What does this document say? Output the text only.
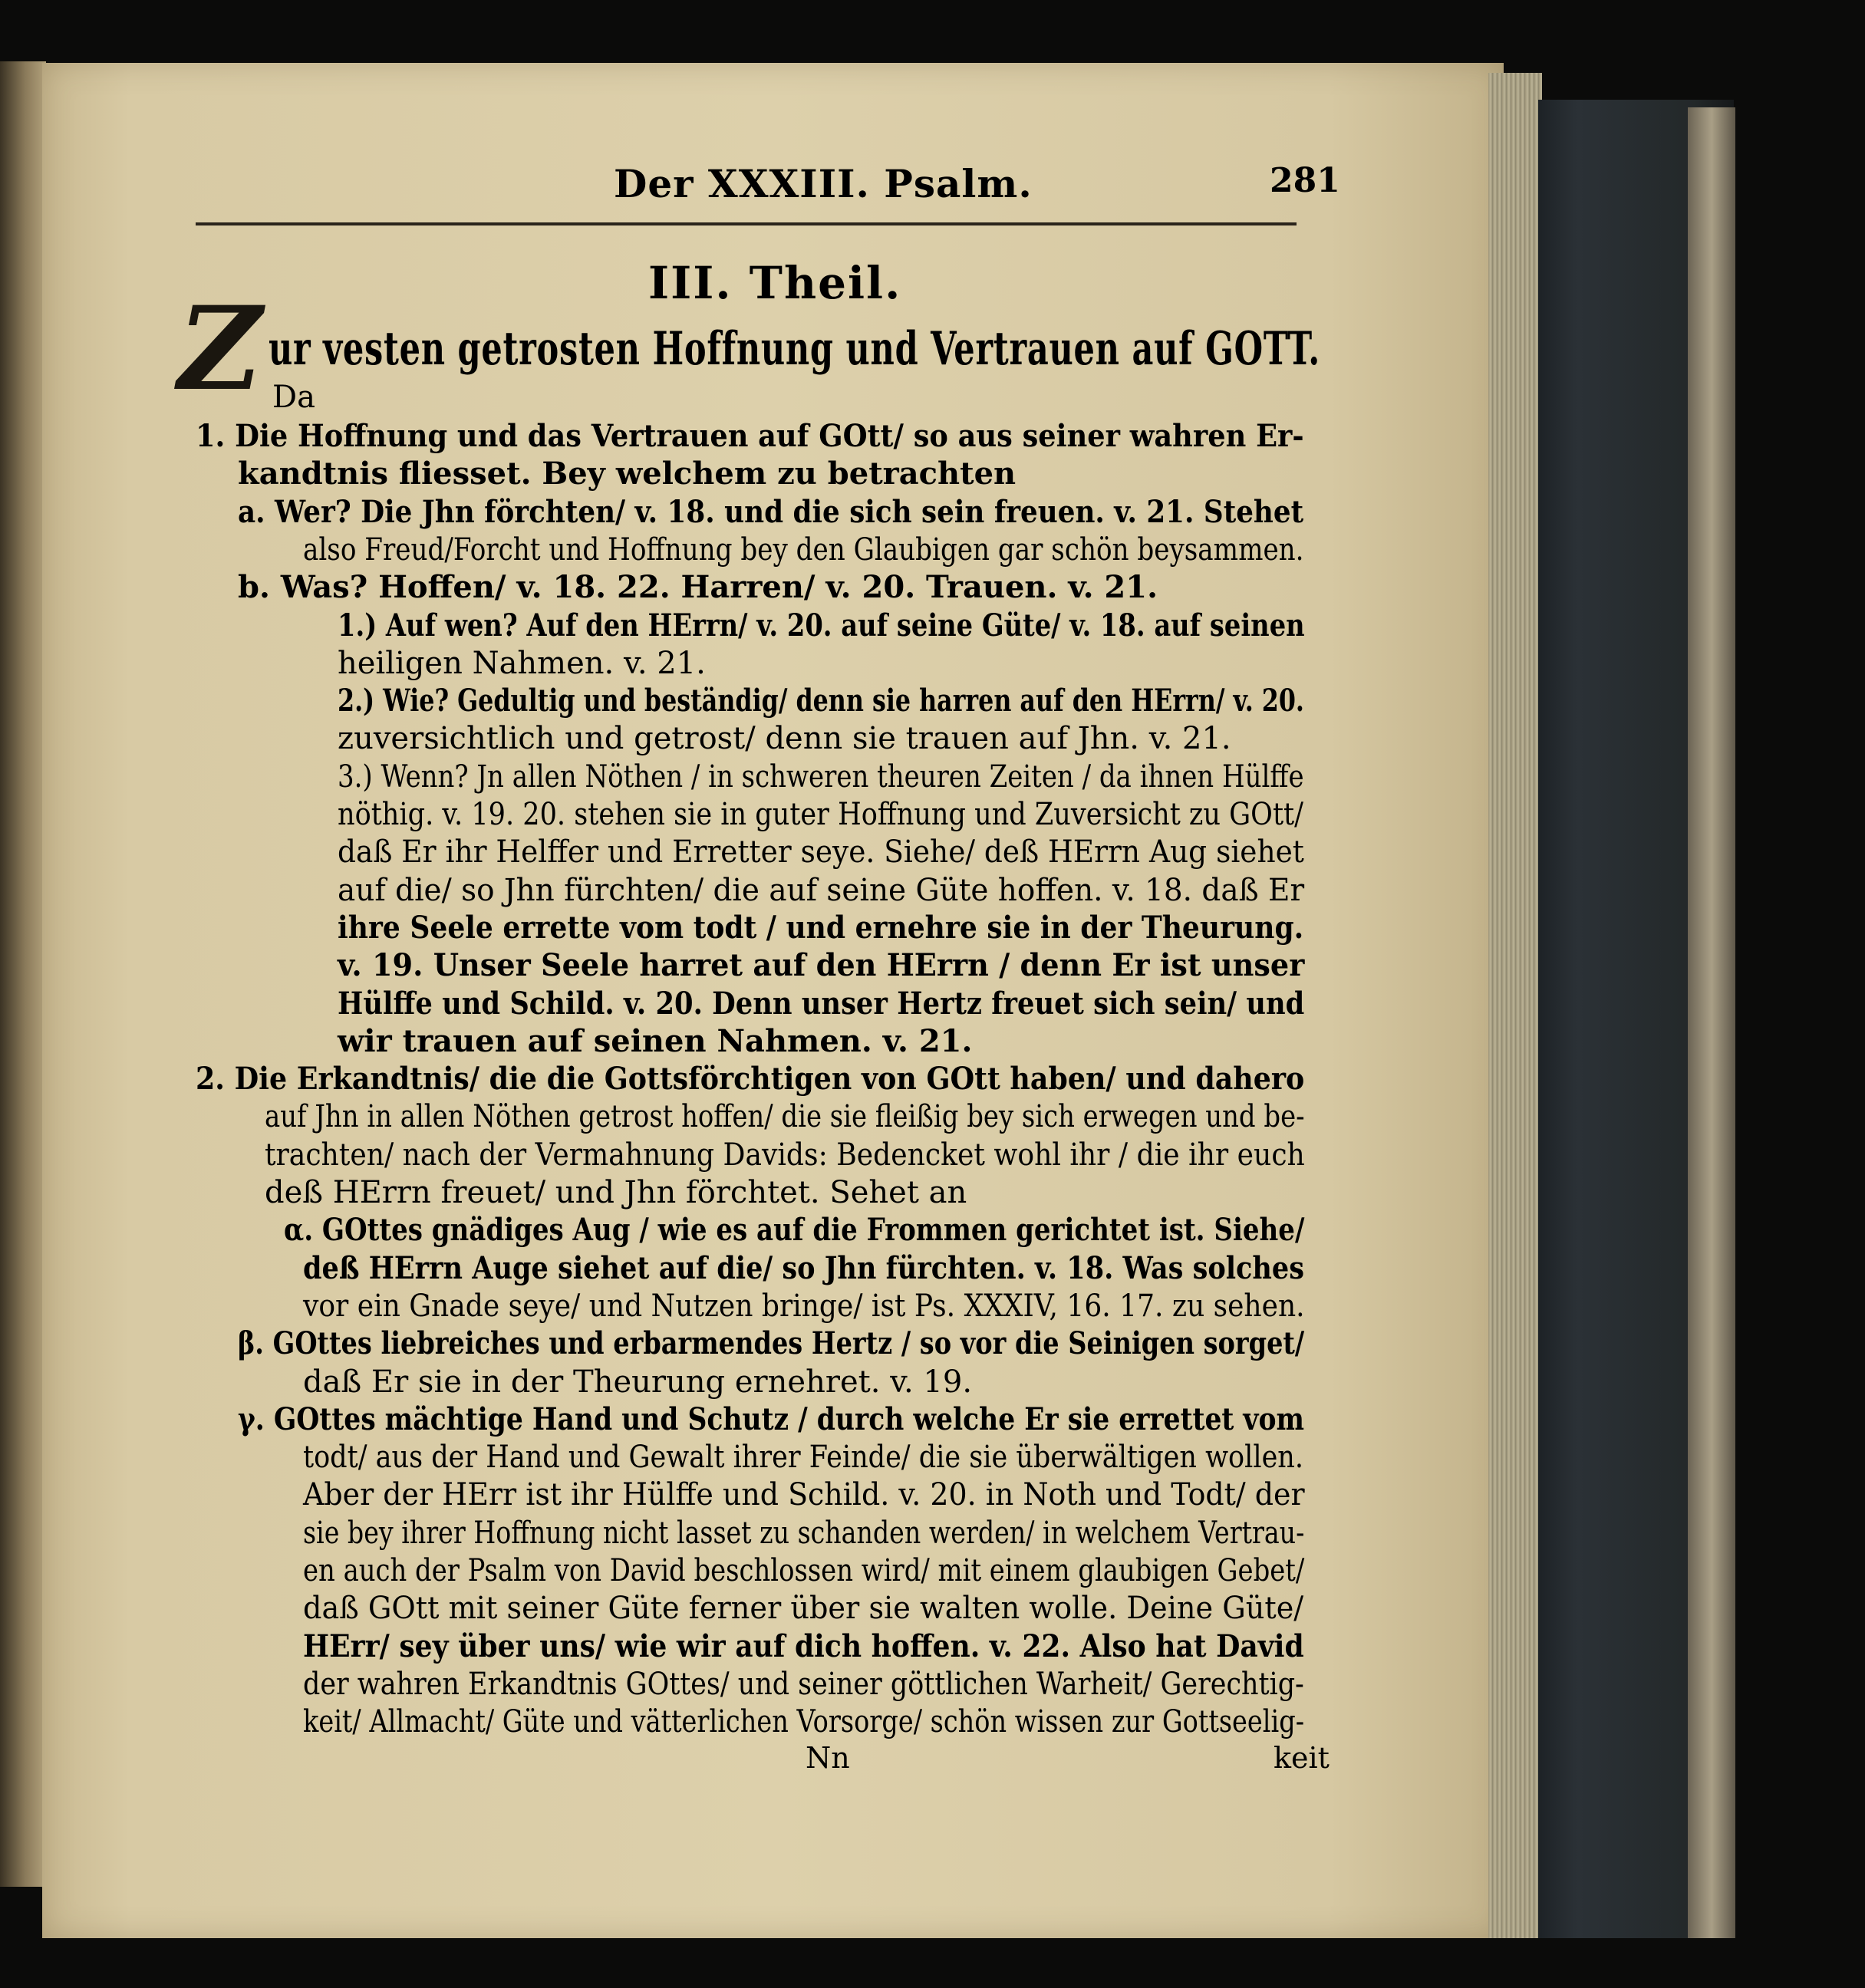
Der XXXIII. Psalm.	281
III. Theil.
Z ur vesten getrosten Hoffnung und Vertrauen auf GOTT.
Da
1. Die Hoffnung und das Vertrauen auf GOtt/ so aus seiner wahren Er-
kandtnis fliesset. Bey welchem zu betrachten
a. Wer? Die Jhn förchten/ v. 18. und die sich sein freuen. v. 21. Stehet
also Freud/Forcht und Hoffnung bey den Glaubigen gar schön beysammen.
b. Was? Hoffen/ v. 18. 22. Harren/ v. 20. Trauen. v. 21.
1.) Auf wen? Auf den HErrn/ v. 20. auf seine Güte/ v. 18. auf seinen
heiligen Nahmen. v. 21.
2.) Wie? Gedultig und beständig/ denn sie harren auf den HErrn/ v. 20.
zuversichtlich und getrost/ denn sie trauen auf Jhn. v. 21.
3.) Wenn? Jn allen Nöthen / in schweren theuren Zeiten / da ihnen Hülffe
nöthig. v. 19. 20. stehen sie in guter Hoffnung und Zuversicht zu GOtt/
daß Er ihr Helffer und Erretter seye. Siehe/ deß HErrn Aug siehet
auf die/ so Jhn fürchten/ die auf seine Güte hoffen. v. 18. daß Er
ihre Seele errette vom todt / und ernehre sie in der Theurung.
v. 19. Unser Seele harret auf den HErrn / denn Er ist unser
Hülffe und Schild. v. 20. Denn unser Hertz freuet sich sein/ und
wir trauen auf seinen Nahmen. v. 21.
2. Die Erkandtnis/ die die Gottsförchtigen von GOtt haben/ und dahero
auf Jhn in allen Nöthen getrost hoffen/ die sie fleißig bey sich erwegen und be-
trachten/ nach der Vermahnung Davids: Bedencket wohl ihr / die ihr euch
deß HErrn freuet/ und Jhn förchtet. Sehet an
α. GOttes gnädiges Aug / wie es auf die Frommen gerichtet ist. Siehe/
deß HErrn Auge siehet auf die/ so Jhn fürchten. v. 18. Was solches
vor ein Gnade seye/ und Nutzen bringe/ ist Ps. XXXIV, 16. 17. zu sehen.
β. GOttes liebreiches und erbarmendes Hertz / so vor die Seinigen sorget/
daß Er sie in der Theurung ernehret. v. 19.
γ. GOttes mächtige Hand und Schutz / durch welche Er sie errettet vom
todt/ aus der Hand und Gewalt ihrer Feinde/ die sie überwältigen wollen.
Aber der HErr ist ihr Hülffe und Schild. v. 20. in Noth und Todt/ der
sie bey ihrer Hoffnung nicht lasset zu schanden werden/ in welchem Vertrau-
en auch der Psalm von David beschlossen wird/ mit einem glaubigen Gebet/
daß GOtt mit seiner Güte ferner über sie walten wolle. Deine Güte/
HErr/ sey über uns/ wie wir auf dich hoffen. v. 22. Also hat David
der wahren Erkandtnis GOttes/ und seiner göttlichen Warheit/ Gerechtig-
keit/ Allmacht/ Güte und vätterlichen Vorsorge/ schön wissen zur Gottseelig-
Nn	keit
